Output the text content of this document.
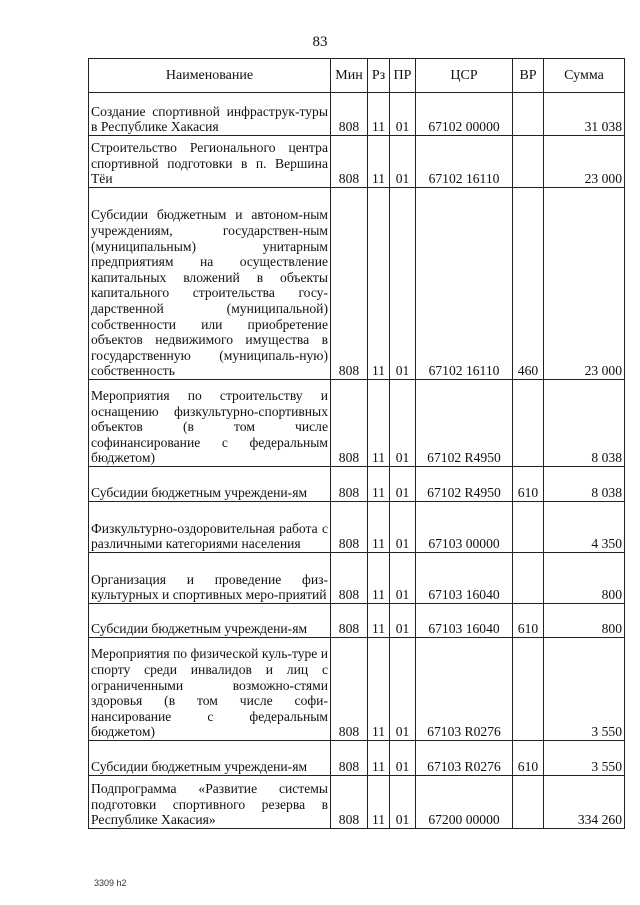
83
Наименование	Мин	Рз	ПР	ЦСР	ВР	Сумма
Создание спортивной инфраструк-туры в Республике Хакасия	808	11	01	67102 00000		31 038
Строительство Регионального центра спортивной подготовки в п. Вершина Тёи	808	11	01	67102 16110		23 000
Субсидии бюджетным и автоном-ным учреждениям, государствен-ным (муниципальным) унитарным предприятиям на осуществление капитальных вложений в объекты капитального строительства госу-дарственной (муниципальной) собственности или приобретение объектов недвижимого имущества в государственную (муниципаль-ную) собственность	808	11	01	67102 16110	460	23 000
Мероприятия по строительству и оснащению физкультурно-спортивных объектов (в том числе софинансирование с федеральным бюджетом)	808	11	01	67102 R4950		8 038
Субсидии бюджетным учреждени-ям	808	11	01	67102 R4950	610	8 038
Физкультурно-оздоровительная работа с различными категориями населения	808	11	01	67103 00000		4 350
Организация и проведение физ-культурных и спортивных меро-приятий	808	11	01	67103 16040		800
Субсидии бюджетным учреждени-ям	808	11	01	67103 16040	610	800
Мероприятия по физической куль-туре и спорту среди инвалидов и лиц с ограниченными возможно-стями здоровья (в том числе софи-нансирование с федеральным бюджетом)	808	11	01	67103 R0276		3 550
Субсидии бюджетным учреждени-ям	808	11	01	67103 R0276	610	3 550
Подпрограмма «Развитие системы подготовки спортивного резерва в Республике Хакасия»	808	11	01	67200 00000		334 260
3309 h2
